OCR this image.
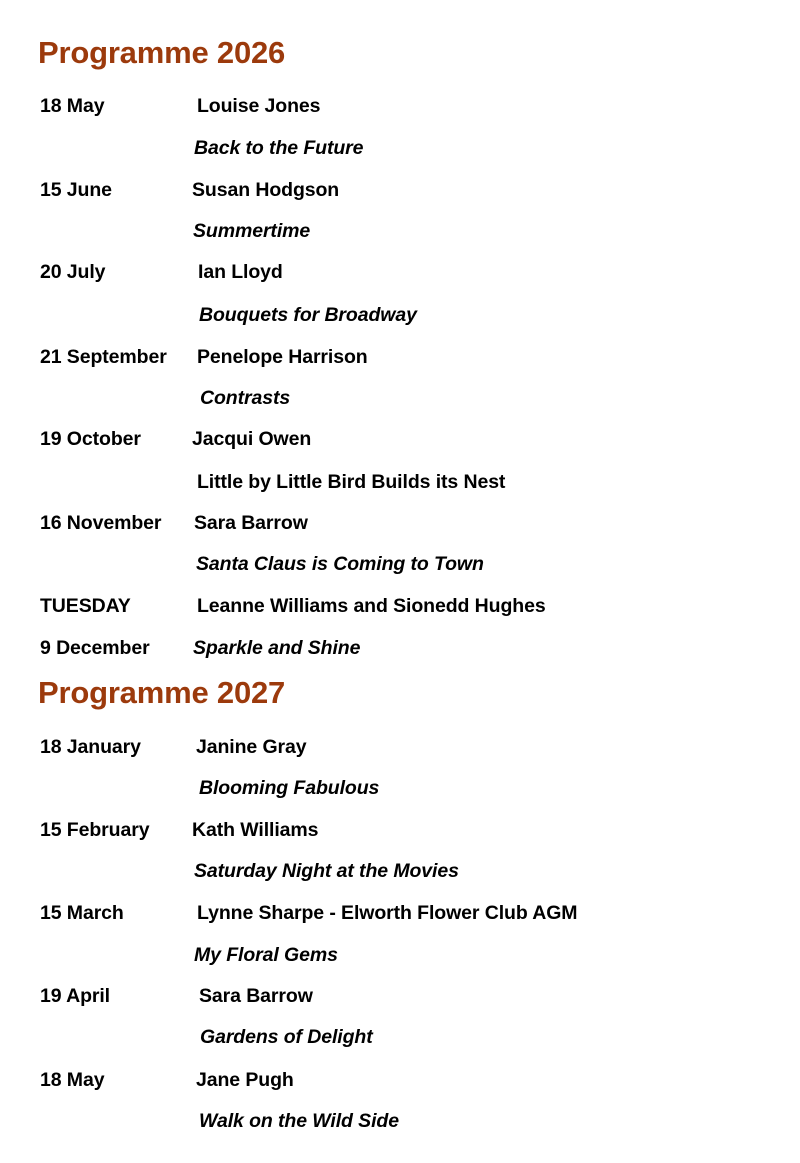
Programme 2026
18 May	Louise Jones
Back to the Future
15 June	Susan Hodgson
Summertime
20 July	Ian Lloyd
Bouquets for Broadway
21 September Penelope Harrison
Contrasts
19 October	Jacqui Owen
Little by Little Bird Builds its Nest
16 November Sara Barrow
Santa Claus is Coming to Town
TUESDAY	Leanne Williams and Sionedd Hughes
9 December Sparkle and Shine
Programme 2027
18 January	Janine Gray
Blooming Fabulous
15 February Kath Williams
Saturday Night at the Movies
15 March	Lynne Sharpe - Elworth Flower Club AGM
My Floral Gems
19 April	Sara Barrow
Gardens of Delight
18 May	Jane Pugh
Walk on the Wild Side
